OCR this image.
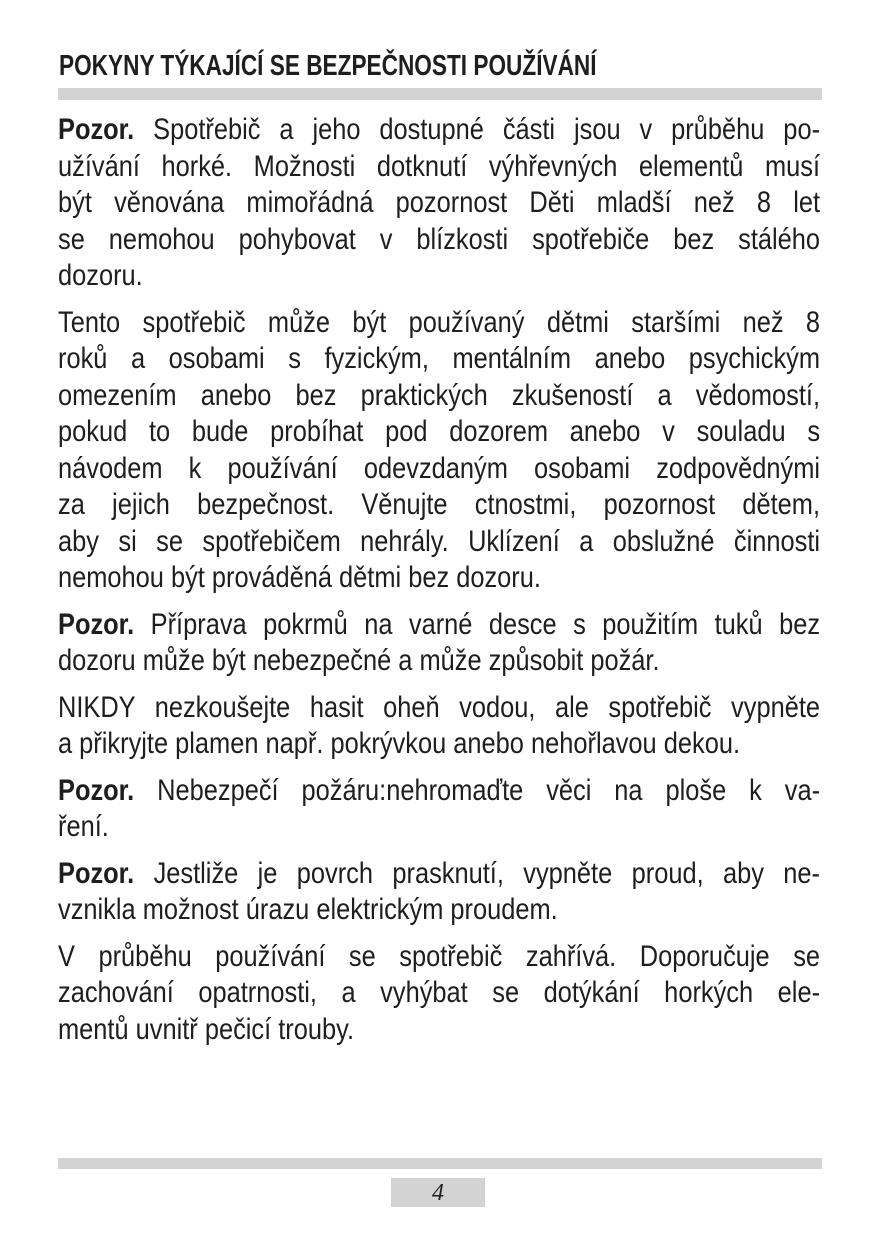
POKYNY TÝKAJÍCÍ SE BEZPEČNOSTI POUŽÍVÁNÍ
Pozor. Spotřebič a jeho dostupné části jsou v průběhu po-
užívání horké. Možnosti dotknutí výhřevných elementů musí
být věnována mimořádná pozornost Děti mladší než 8 let
se nemohou pohybovat v blízkosti spotřebiče bez stálého
dozoru.
Tento spotřebič může být používaný dětmi staršími než 8
roků a osobami s fyzickým, mentálním anebo psychickým
omezením anebo bez praktických zkušeností a vědomostí,
pokud to bude probíhat pod dozorem anebo v souladu s
návodem k používání odevzdaným osobami zodpovědnými
za jejich bezpečnost. Věnujte ctnostmi, pozornost dětem,
aby si se spotřebičem nehrály. Uklízení a obslužné činnosti
nemohou být prováděná dětmi bez dozoru.
Pozor. Příprava pokrmů na varné desce s použitím tuků bez
dozoru může být nebezpečné a může způsobit požár.
NIKDY nezkoušejte hasit oheň vodou, ale spotřebič vypněte
a přikryjte plamen např. pokrývkou anebo nehořlavou dekou.
Pozor. Nebezpečí požáru:nehromaďte věci na ploše k va-
ření.
Pozor. Jestliže je povrch prasknutí, vypněte proud, aby ne-
vznikla možnost úrazu elektrickým proudem.
V průběhu používání se spotřebič zahřívá. Doporučuje se
zachování opatrnosti, a vyhýbat se dotýkání horkých ele-
mentů uvnitř pečicí trouby.
4
